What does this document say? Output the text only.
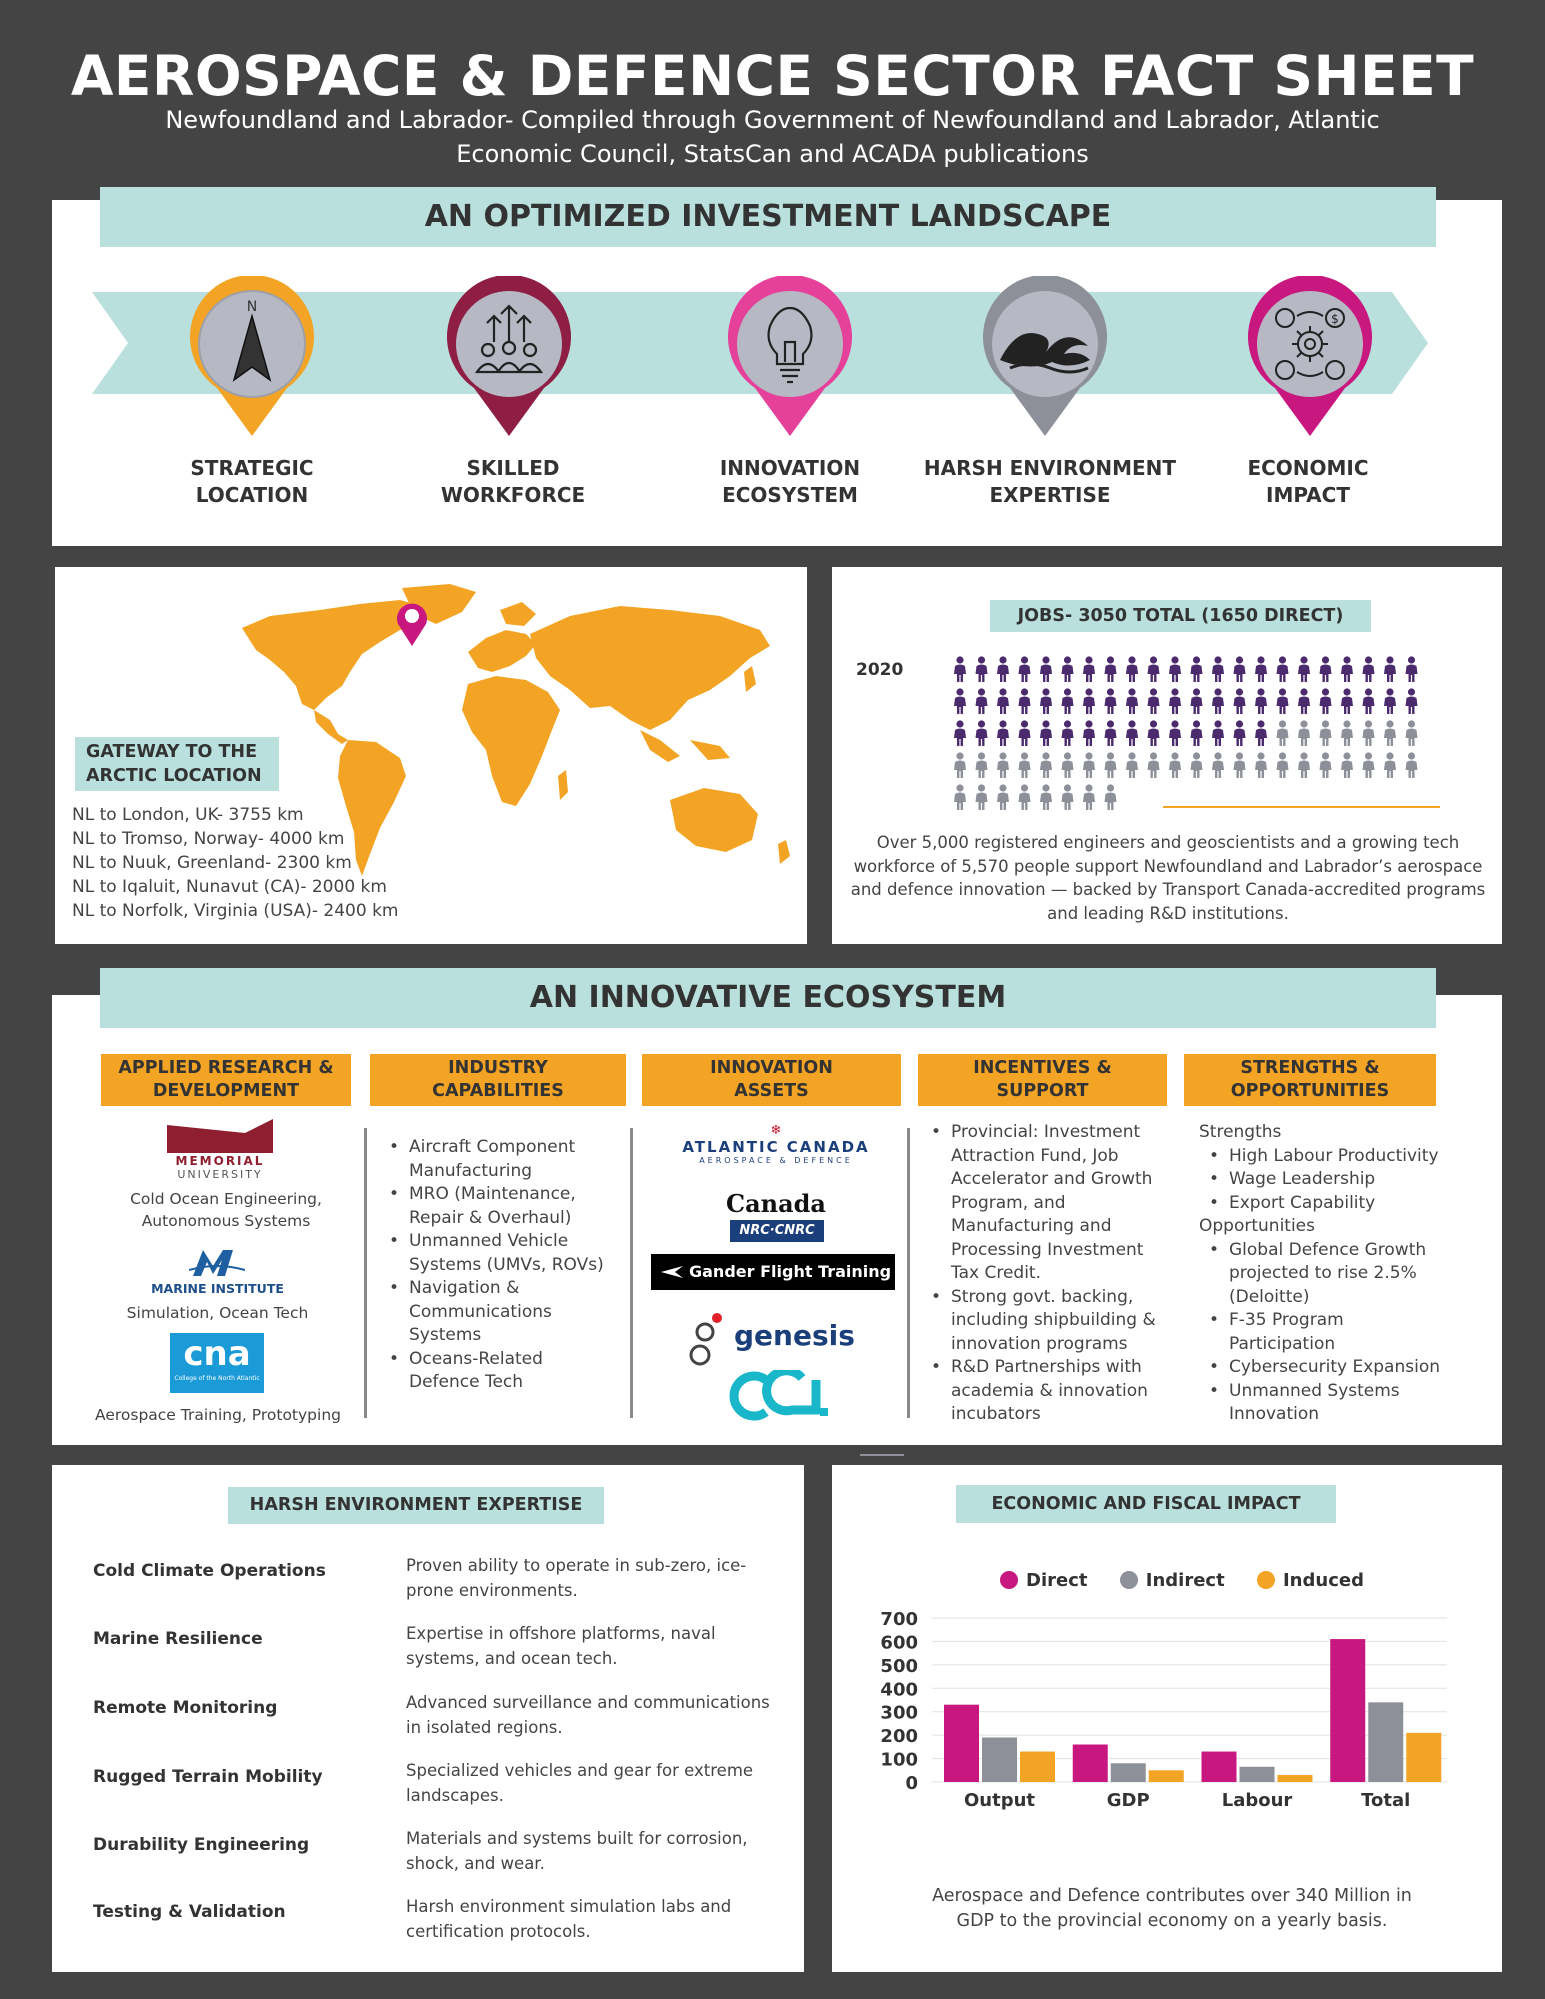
AEROSPACE & DEFENCE SECTOR FACT SHEET
Newfoundland and Labrador- Compiled through Government of Newfoundland and Labrador, Atlantic Economic Council, StatsCan and ACADA publications
AN OPTIMIZED INVESTMENT LANDSCAPE
N
$
STRATEGIC
LOCATION
SKILLED
WORKFORCE
INNOVATION
ECOSYSTEM
HARSH ENVIRONMENT
EXPERTISE
ECONOMIC
IMPACT
GATEWAY TO THE
ARCTIC LOCATION
NL to London, UK- 3755 km
NL to Tromso, Norway- 4000 km
NL to Nuuk, Greenland- 2300 km
NL to Iqaluit, Nunavut (CA)- 2000 km
NL to Norfolk, Virginia (USA)- 2400 km
JOBS- 3050 TOTAL (1650 DIRECT)
2020
Over 5,000 registered engineers and geoscientists and a growing tech workforce of 5,570 people support Newfoundland and Labrador’s aerospace and defence innovation — backed by Transport Canada-accredited programs and leading R&D institutions.
AN INNOVATIVE ECOSYSTEM
APPLIED RESEARCH &
DEVELOPMENT
INDUSTRY
CAPABILITIES
INNOVATION
ASSETS
INCENTIVES &
SUPPORT
STRENGTHS &
OPPORTUNITIES
MEMORIAL
UNIVERSITY
Cold Ocean Engineering,
Autonomous Systems
MARINE INSTITUTE
Simulation, Ocean Tech
cna
College of the North Atlantic
Aerospace Training, Prototyping
• Aircraft Component Manufacturing
• MRO (Maintenance, Repair & Overhaul)
• Unmanned Vehicle Systems (UMVs, ROVs)
• Navigation & Communications Systems
• Oceans-Related Defence Tech
❄
ATLANTIC CANADA
AEROSPACE & DEFENCE
Canada
NRC·CNRC
Gander Flight Training
genesis
• Provincial: Investment Attraction Fund, Job Accelerator and Growth Program, and Manufacturing and Processing Investment Tax Credit.
• Strong govt. backing, including shipbuilding & innovation programs
• R&D Partnerships with academia & innovation incubators
Strengths
• High Labour Productivity
• Wage Leadership
• Export Capability
Opportunities
• Global Defence Growth projected to rise 2.5% (Deloitte)
• F-35 Program Participation
• Cybersecurity Expansion
• Unmanned Systems Innovation
HARSH ENVIRONMENT EXPERTISE
Cold Climate Operations	Proven ability to operate in sub-zero, ice-prone environments.
Marine Resilience	Expertise in offshore platforms, naval systems, and ocean tech.
Remote Monitoring	Advanced surveillance and communications in isolated regions.
Rugged Terrain Mobility	Specialized vehicles and gear for extreme landscapes.
Durability Engineering	Materials and systems built for corrosion, shock, and wear.
Testing & Validation	Harsh environment simulation labs and certification protocols.
ECONOMIC AND FISCAL IMPACT
Direct	Indirect	Induced
0
100
200
300
400
500
600
700
Output	GDP	Labour	Total
Aerospace and Defence contributes over 340 Million in GDP to the provincial economy on a yearly basis.
